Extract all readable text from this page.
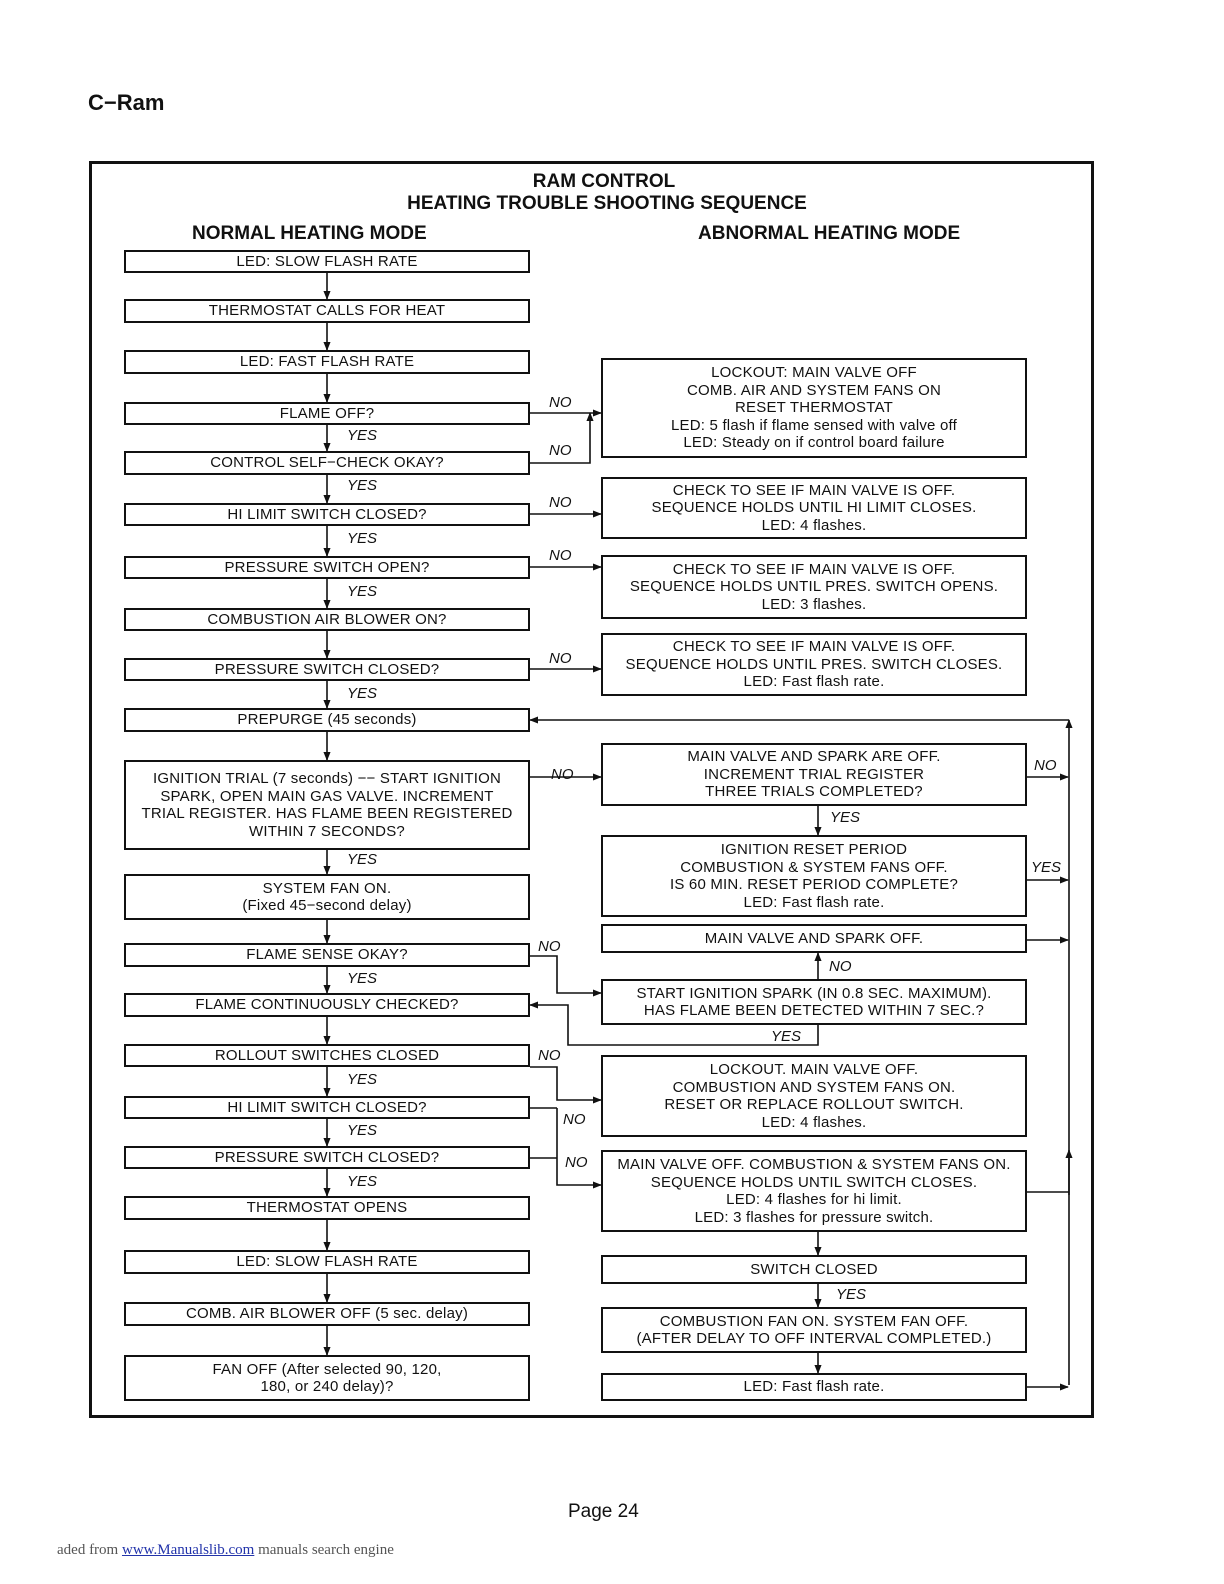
C−Ram
RAM CONTROL
HEATING TROUBLE SHOOTING SEQUENCE
NORMAL HEATING MODE	ABNORMAL HEATING MODE
LED: SLOW FLASH RATE
THERMOSTAT CALLS FOR HEAT
LED: FAST FLASH RATE
FLAME OFF?
CONTROL SELF−CHECK OKAY?
HI LIMIT SWITCH CLOSED?
PRESSURE SWITCH OPEN?
COMBUSTION AIR BLOWER ON?
PRESSURE SWITCH CLOSED?
PREPURGE (45 seconds)
IGNITION TRIAL (7 seconds) −− START IGNITION
SPARK, OPEN MAIN GAS VALVE. INCREMENT
TRIAL REGISTER. HAS FLAME BEEN REGISTERED
WITHIN 7 SECONDS?
SYSTEM FAN ON.
(Fixed 45−second delay)
FLAME SENSE OKAY?
FLAME CONTINUOUSLY CHECKED?
ROLLOUT SWITCHES CLOSED
HI LIMIT SWITCH CLOSED?
PRESSURE SWITCH CLOSED?
THERMOSTAT OPENS
LED: SLOW FLASH RATE
COMB. AIR BLOWER OFF (5 sec. delay)
FAN OFF (After selected 90, 120,
180, or 240 delay)?
LOCKOUT: MAIN VALVE OFF
COMB. AIR AND SYSTEM FANS ON
RESET THERMOSTAT
LED: 5 flash if flame sensed with valve off
LED: Steady on if control board failure
CHECK TO SEE IF MAIN VALVE IS OFF.
SEQUENCE HOLDS UNTIL HI LIMIT CLOSES.
LED: 4 flashes.
CHECK TO SEE IF MAIN VALVE IS OFF.
SEQUENCE HOLDS UNTIL PRES. SWITCH OPENS.
LED: 3 flashes.
CHECK TO SEE IF MAIN VALVE IS OFF.
SEQUENCE HOLDS UNTIL PRES. SWITCH CLOSES.
LED: Fast flash rate.
MAIN VALVE AND SPARK ARE OFF.
INCREMENT TRIAL REGISTER
THREE TRIALS COMPLETED?
IGNITION RESET PERIOD
COMBUSTION & SYSTEM FANS OFF.
IS 60 MIN. RESET PERIOD COMPLETE?
LED: Fast flash rate.
MAIN VALVE AND SPARK OFF.
START IGNITION SPARK (IN 0.8 SEC. MAXIMUM).
HAS FLAME BEEN DETECTED WITHIN 7 SEC.?
LOCKOUT. MAIN VALVE OFF.
COMBUSTION AND SYSTEM FANS ON.
RESET OR REPLACE ROLLOUT SWITCH.
LED: 4 flashes.
MAIN VALVE OFF. COMBUSTION & SYSTEM FANS ON.
SEQUENCE HOLDS UNTIL SWITCH CLOSES.
LED: 4 flashes for hi limit.
LED: 3 flashes for pressure switch.
SWITCH CLOSED
COMBUSTION FAN ON. SYSTEM FAN OFF.
(AFTER DELAY TO OFF INTERVAL COMPLETED.)
LED: Fast flash rate.
YES
YES
YES
YES
YES
YES
YES
YES
YES
YES
YES
YES
YES
YES
NO
NO
NO
NO
NO
NO
NO
NO
NO
NO
NO
NO
Page 24
aded from www.Manualslib.com manuals search engine
